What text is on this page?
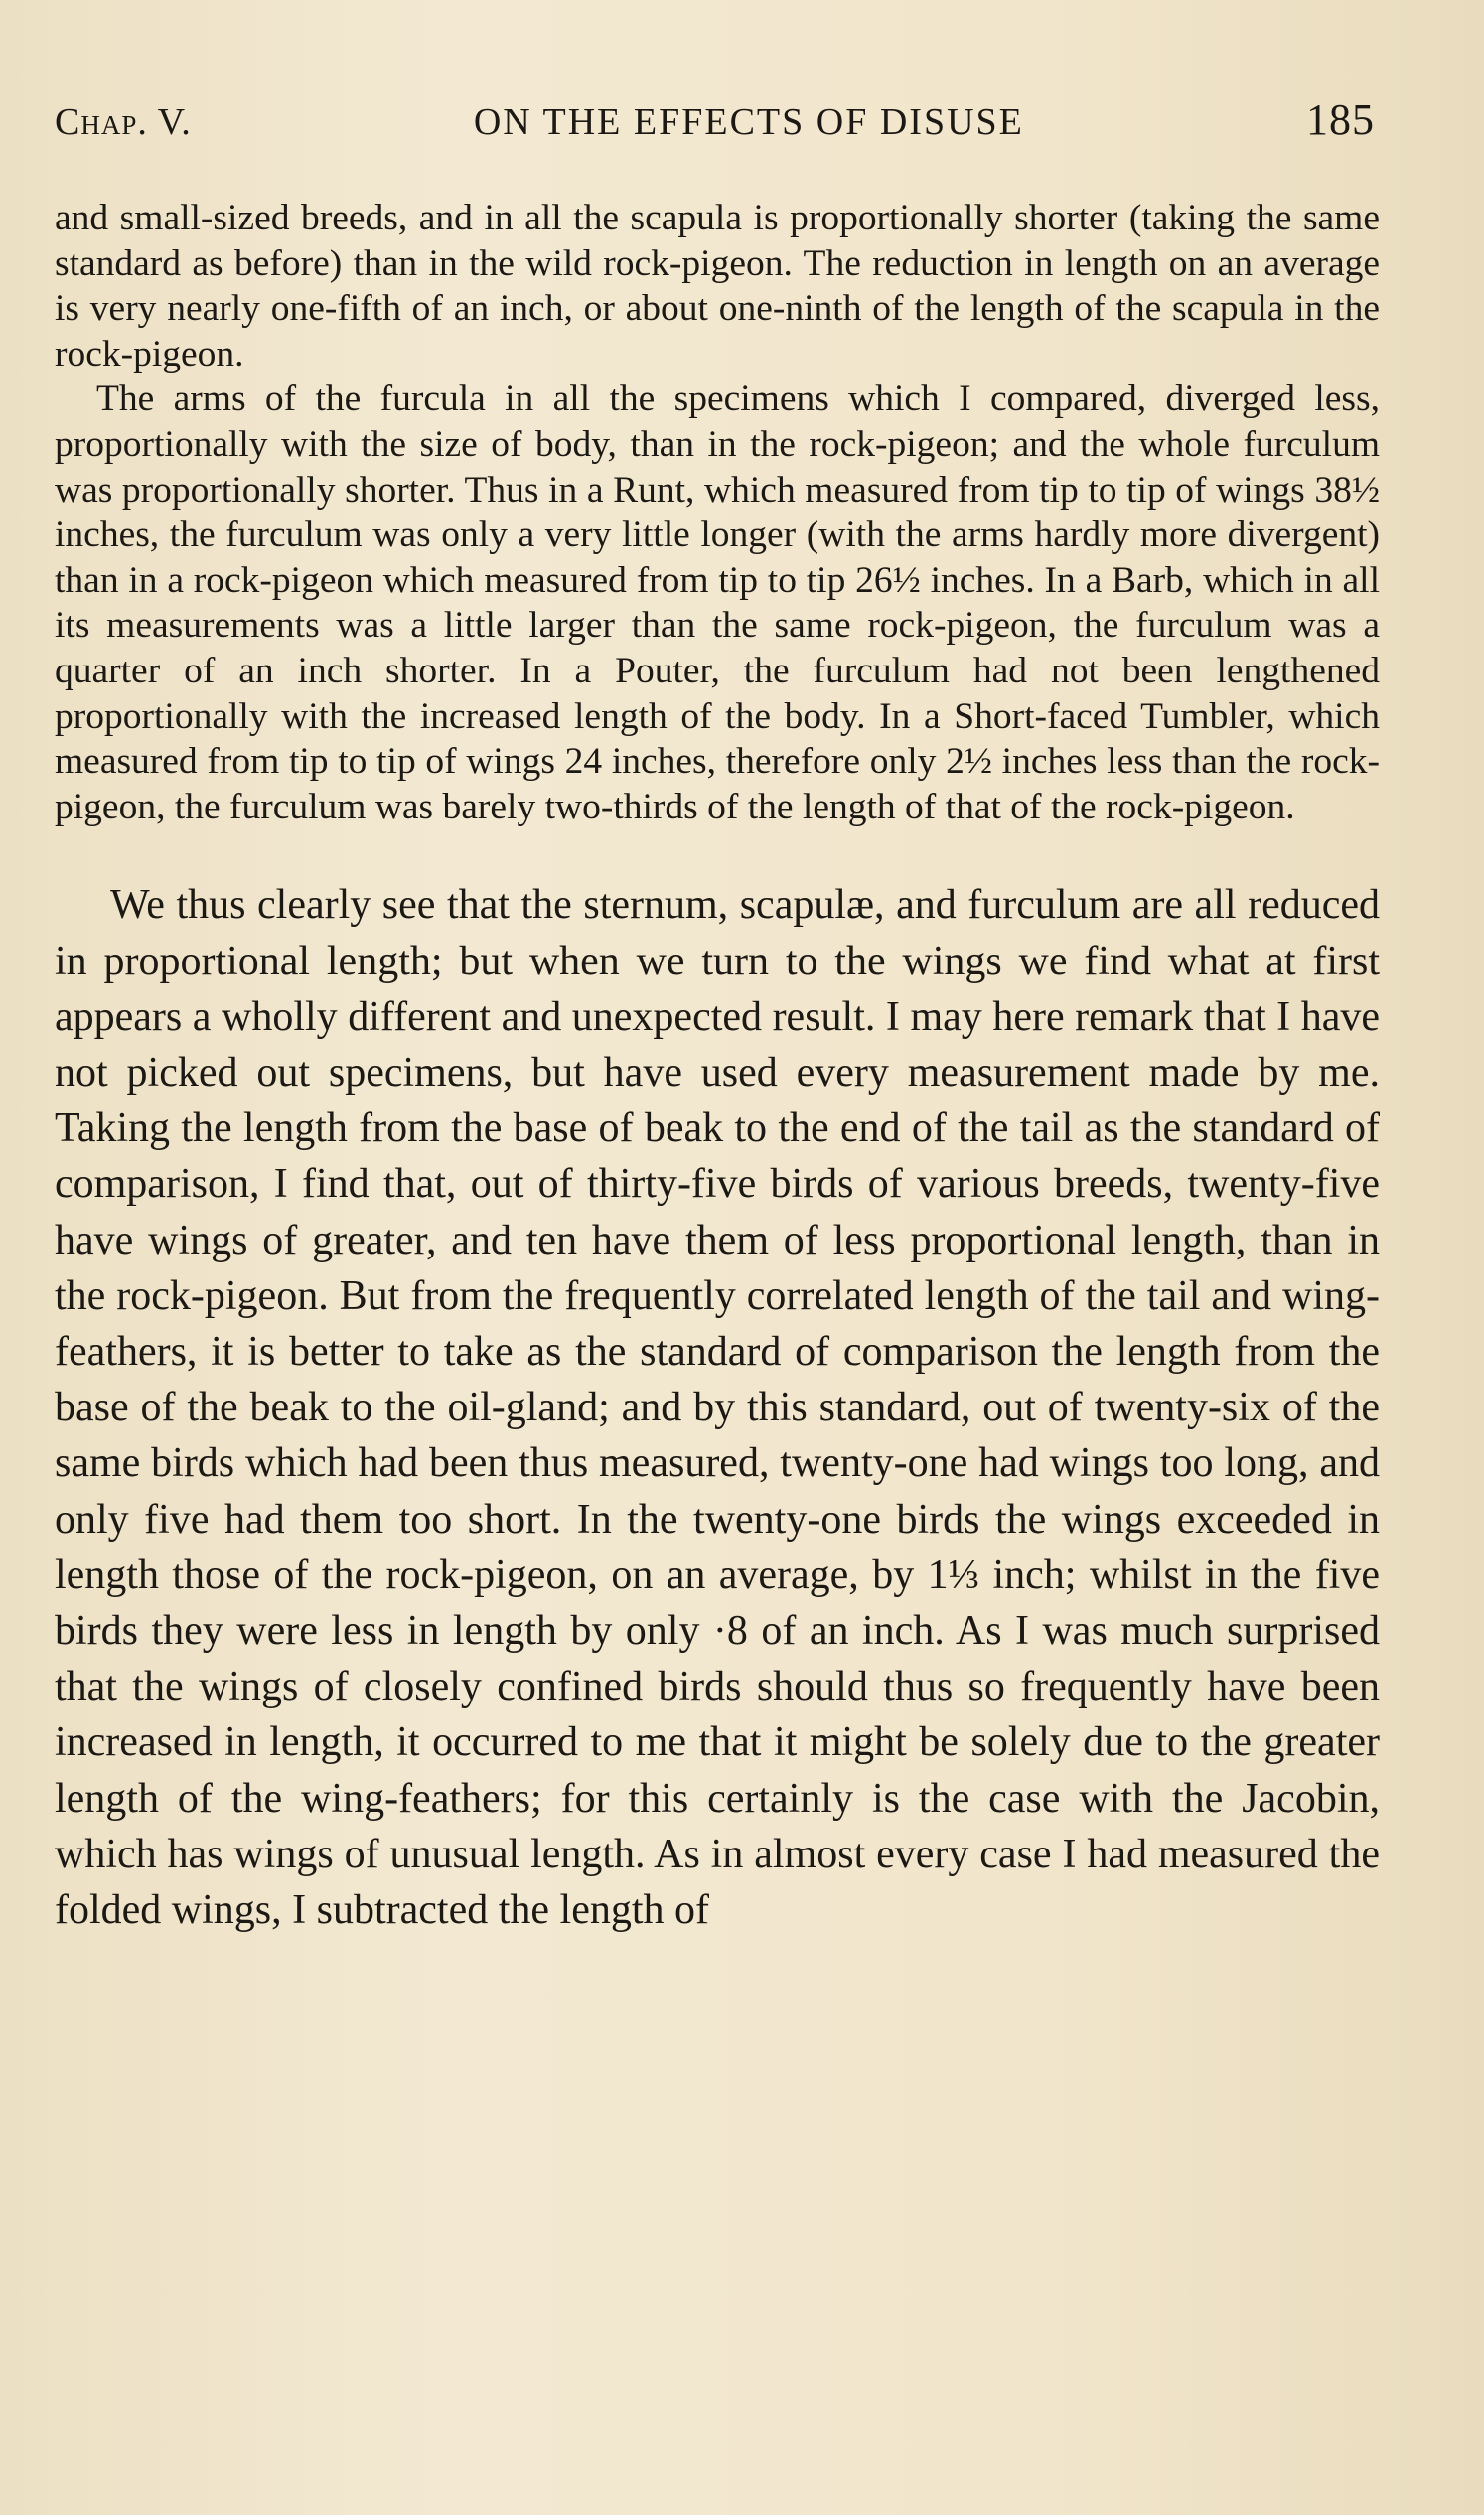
Chap. V.	ON THE EFFECTS OF DISUSE	185

and small-sized breeds, and in all the scapula is proportionally shorter (taking the same standard as before) than in the wild rock-pigeon. The reduction in length on an average is very nearly one-fifth of an inch, or about one-ninth of the length of the scapula in the rock-pigeon.

The arms of the furcula in all the specimens which I compared, diverged less, proportionally with the size of body, than in the rock-pigeon; and the whole furculum was proportionally shorter. Thus in a Runt, which measured from tip to tip of wings 38½ inches, the furculum was only a very little longer (with the arms hardly more divergent) than in a rock-pigeon which measured from tip to tip 26½ inches. In a Barb, which in all its measurements was a little larger than the same rock-pigeon, the furculum was a quarter of an inch shorter. In a Pouter, the furculum had not been lengthened proportionally with the increased length of the body. In a Short-faced Tumbler, which measured from tip to tip of wings 24 inches, therefore only 2½ inches less than the rock-pigeon, the furculum was barely two-thirds of the length of that of the rock-pigeon.

We thus clearly see that the sternum, scapulæ, and furculum are all reduced in proportional length; but when we turn to the wings we find what at first appears a wholly different and unexpected result. I may here remark that I have not picked out specimens, but have used every measurement made by me. Taking the length from the base of beak to the end of the tail as the standard of comparison, I find that, out of thirty-five birds of various breeds, twenty-five have wings of greater, and ten have them of less proportional length, than in the rock-pigeon. But from the frequently correlated length of the tail and wing-feathers, it is better to take as the standard of comparison the length from the base of the beak to the oil-gland; and by this standard, out of twenty-six of the same birds which had been thus measured, twenty-one had wings too long, and only five had them too short. In the twenty-one birds the wings exceeded in length those of the rock-pigeon, on an average, by 1⅓ inch; whilst in the five birds they were less in length by only ·8 of an inch. As I was much surprised that the wings of closely confined birds should thus so frequently have been increased in length, it occurred to me that it might be solely due to the greater length of the wing-feathers; for this certainly is the case with the Jacobin, which has wings of unusual length. As in almost every case I had measured the folded wings, I subtracted the length of
